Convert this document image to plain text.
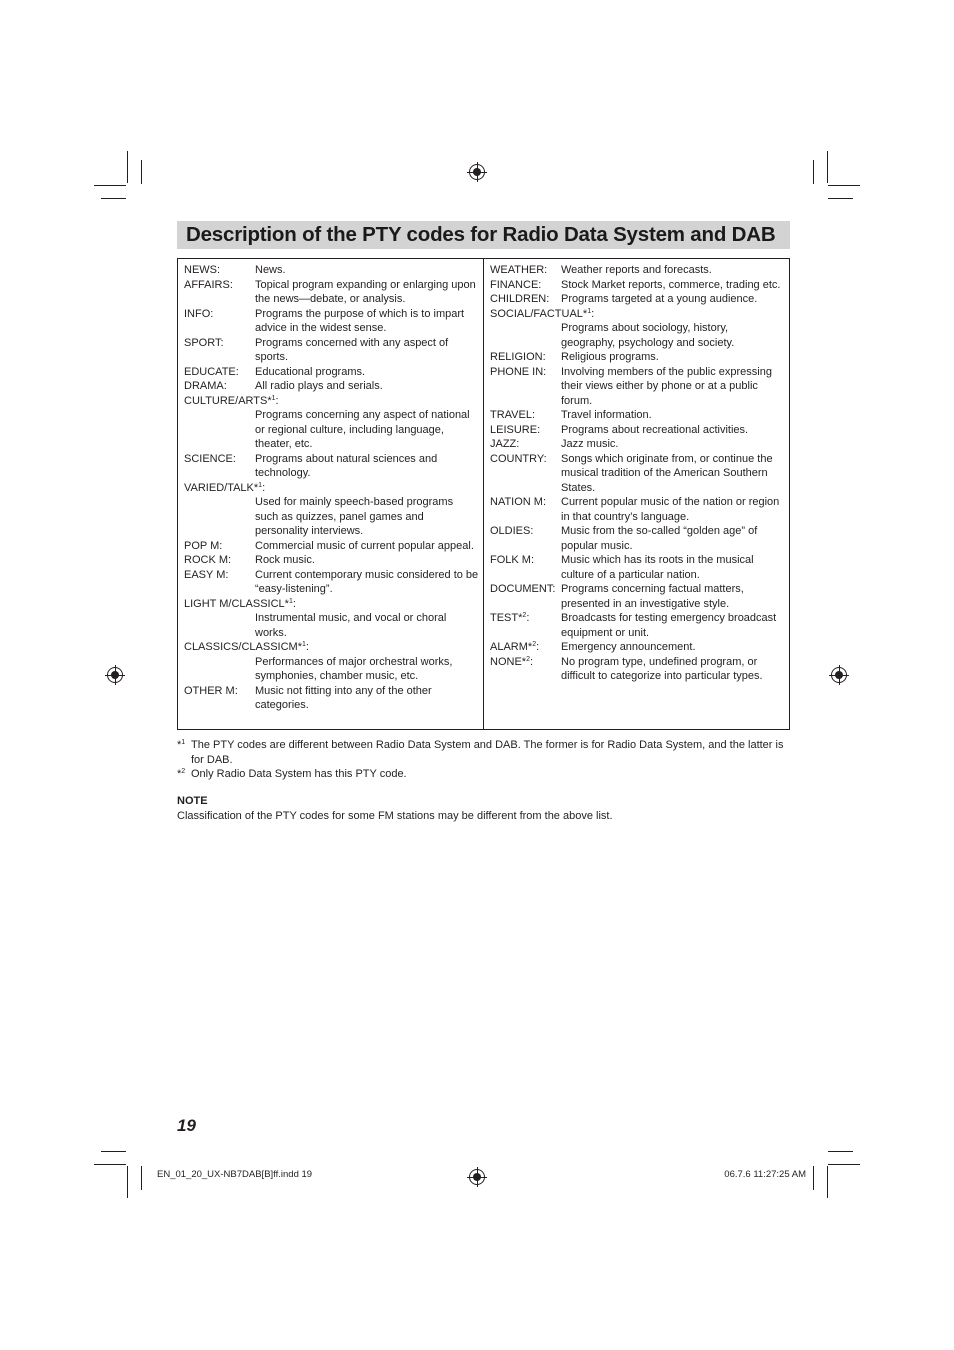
Description of the PTY codes for Radio Data System and DAB
NEWS:	News.
AFFAIRS:	Topical program expanding or enlarging upon the news—debate, or analysis.
INFO:	Programs the purpose of which is to impart advice in the widest sense.
SPORT:	Programs concerned with any aspect of sports.
EDUCATE:	Educational programs.
DRAMA:	All radio plays and serials.
CULTURE/ARTS*$^1$:
Programs concerning any aspect of national or regional culture, including language, theater, etc.
SCIENCE:	Programs about natural sciences and technology.
VARIED/TALK*$^1$:
Used for mainly speech-based programs such as quizzes, panel games and personality interviews.
POP M:	Commercial music of current popular appeal.
ROCK M:	Rock music.
EASY M:	Current contemporary music considered to be “easy-listening”.
LIGHT M/CLASSICL*$^1$:
Instrumental music, and vocal or choral works.
CLASSICS/CLASSICM*$^1$:
Performances of major orchestral works, symphonies, chamber music, etc.
OTHER M:	Music not fitting into any of the other categories.
WEATHER:	Weather reports and forecasts.
FINANCE:	Stock Market reports, commerce, trading etc.
CHILDREN:	Programs targeted at a young audience.
SOCIAL/FACTUAL*$^1$:
Programs about sociology, history, geography, psychology and society.
RELIGION:	Religious programs.
PHONE IN:	Involving members of the public expressing their views either by phone or at a public forum.
TRAVEL:	Travel information.
LEISURE:	Programs about recreational activities.
JAZZ:	Jazz music.
COUNTRY:	Songs which originate from, or continue the musical tradition of the American Southern States.
NATION M:	Current popular music of the nation or region in that country’s language.
OLDIES:	Music from the so-called “golden age” of popular music.
FOLK M:	Music which has its roots in the musical culture of a particular nation.
DOCUMENT: Programs concerning factual matters, presented in an investigative style.
TEST*$^2$:	Broadcasts for testing emergency broadcast equipment or unit.
ALARM*$^2$:	Emergency announcement.
NONE*$^2$:	No program type, undefined program, or difficult to categorize into particular types.
*$^1$ The PTY codes are different between Radio Data System and DAB. The former is for Radio Data System, and the latter is for DAB.
*$^2$ Only Radio Data System has this PTY code.
NOTE
Classification of the PTY codes for some FM stations may be different from the above list.
19
EN_01_20_UX-NB7DAB[B]ff.indd 19	06.7.6 11:27:25 AM
